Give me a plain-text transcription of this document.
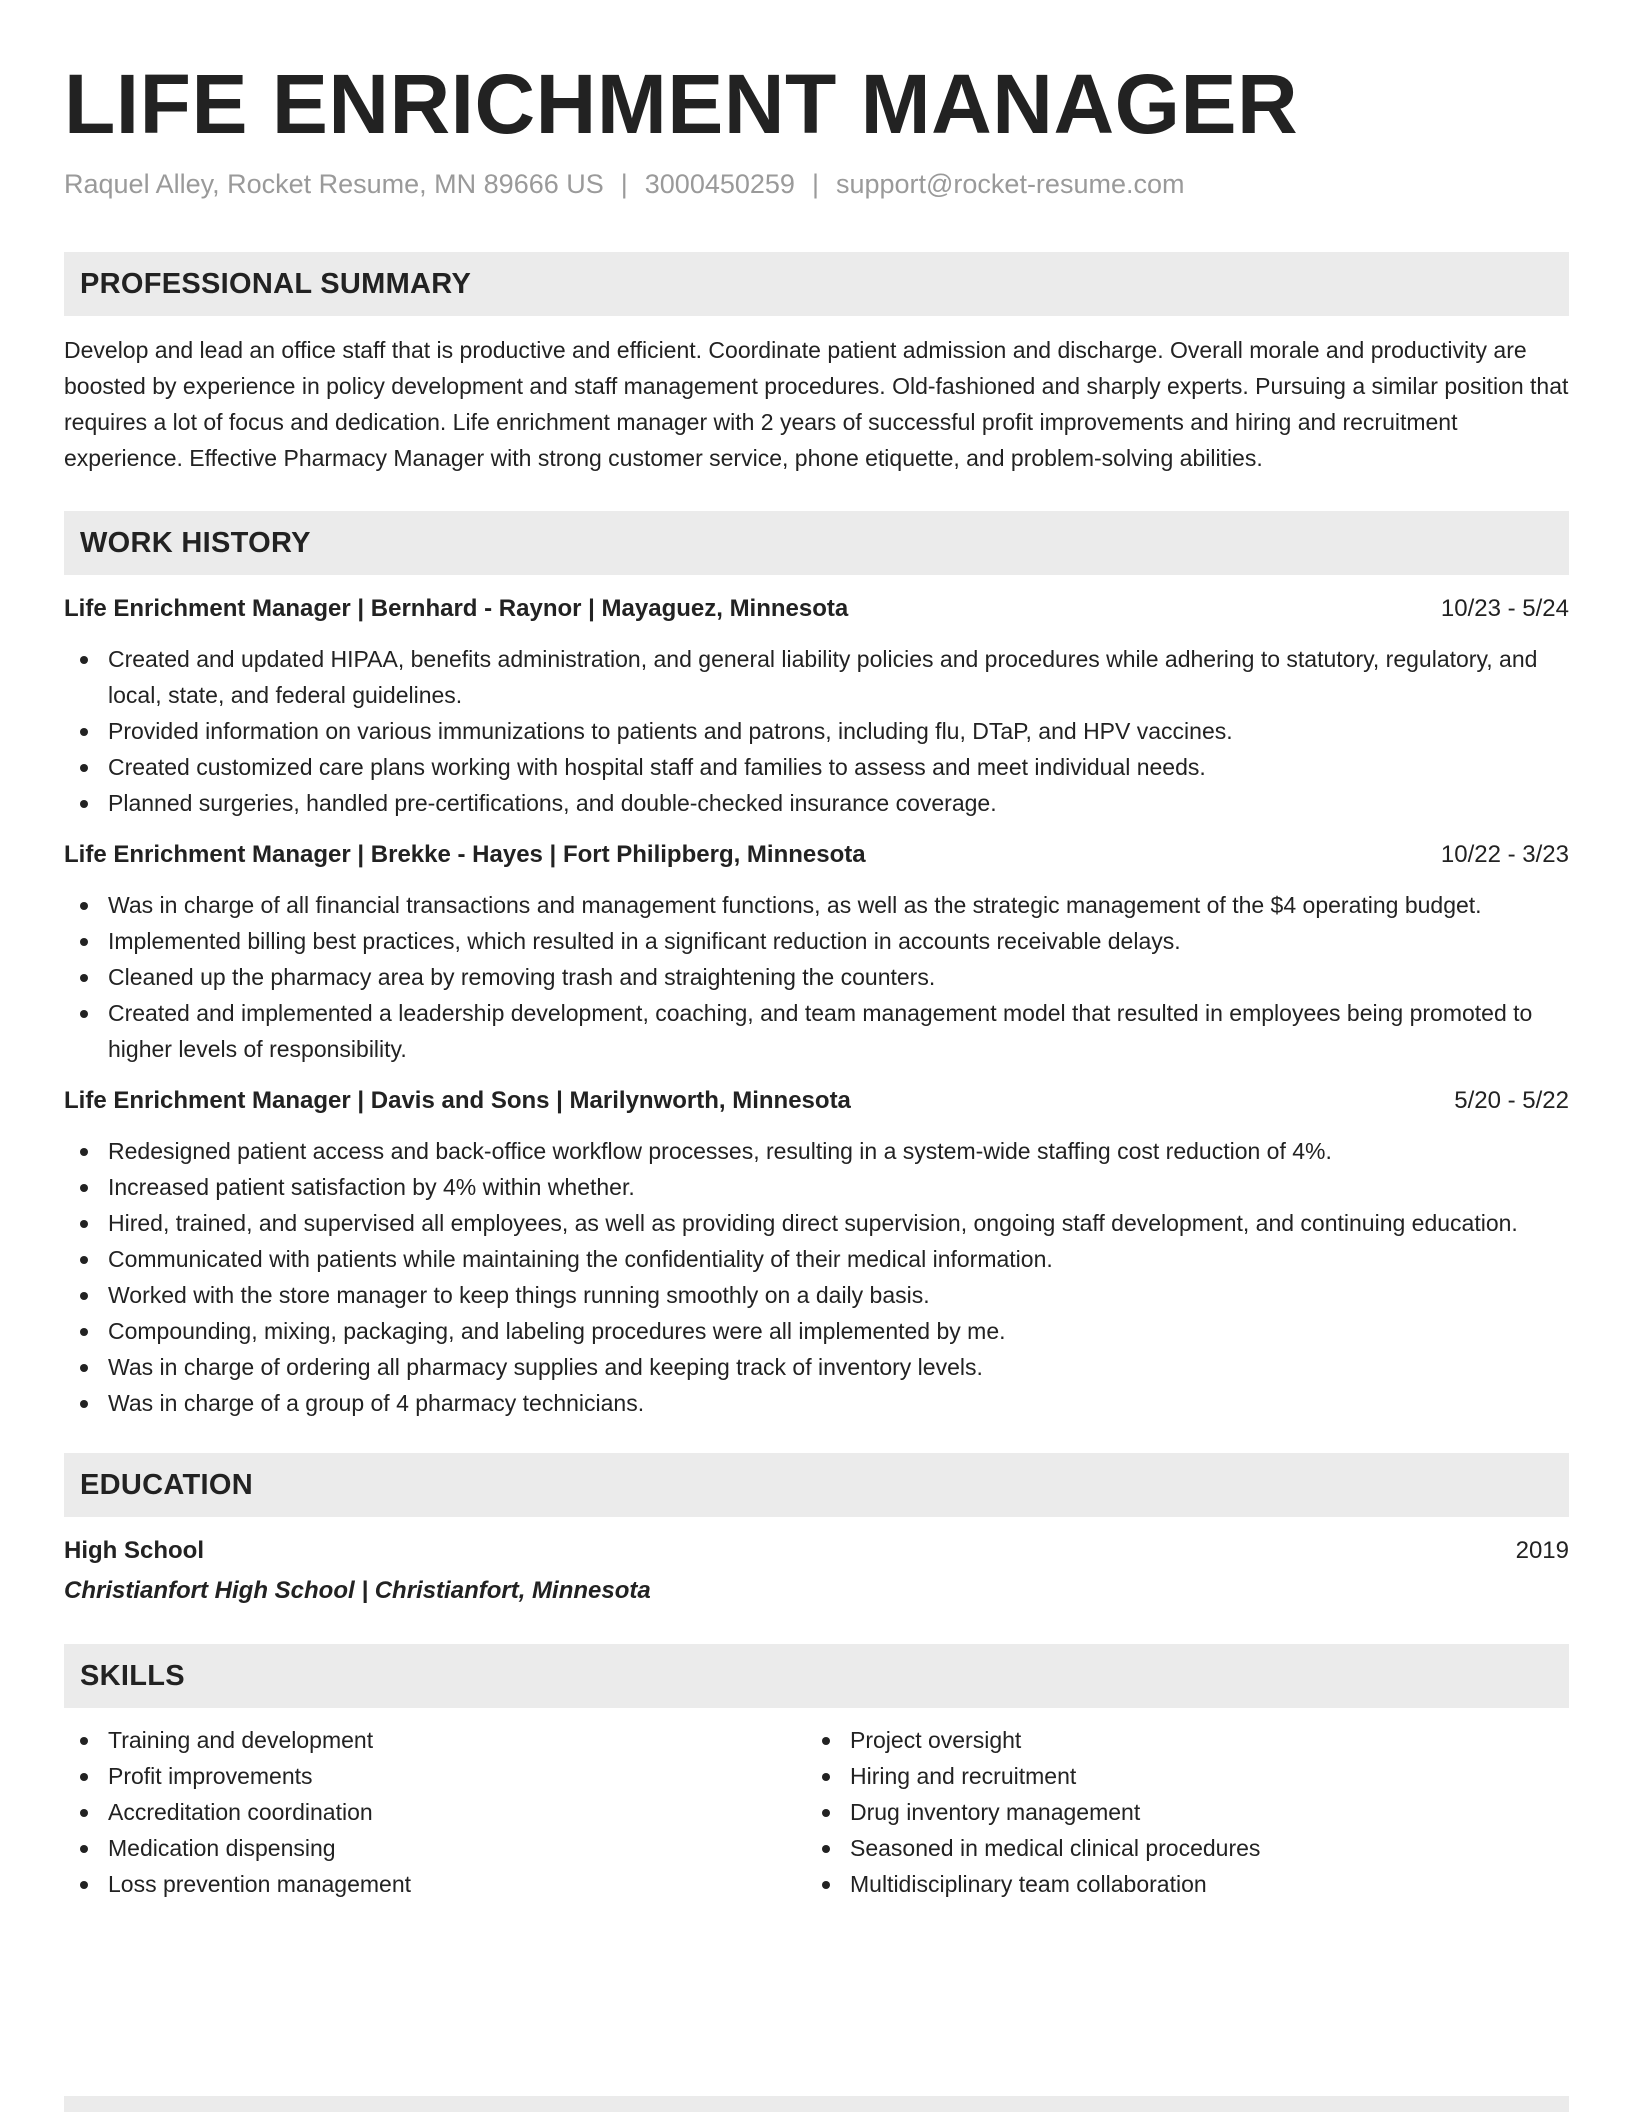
LIFE ENRICHMENT MANAGER
Raquel Alley, Rocket Resume, MN 89666 US | 3000450259 | support@rocket-resume.com
PROFESSIONAL SUMMARY

Develop and lead an office staff that is productive and efficient. Coordinate patient admission and discharge. Overall morale and productivity are boosted by experience in policy development and staff management procedures. Old-fashioned and sharply experts. Pursuing a similar position that requires a lot of focus and dedication. Life enrichment manager with 2 years of successful profit improvements and hiring and recruitment experience. Effective Pharmacy Manager with strong customer service, phone etiquette, and problem-solving abilities.

WORK HISTORY
Life Enrichment Manager | Bernhard - Raynor | Mayaguez, Minnesota	10/23 - 5/24
Created and updated HIPAA, benefits administration, and general liability policies and procedures while adhering to statutory, regulatory, and local, state, and federal guidelines.
Provided information on various immunizations to patients and patrons, including flu, DTaP, and HPV vaccines.
Created customized care plans working with hospital staff and families to assess and meet individual needs.
Planned surgeries, handled pre-certifications, and double-checked insurance coverage.
Life Enrichment Manager | Brekke - Hayes | Fort Philipberg, Minnesota	10/22 - 3/23
Was in charge of all financial transactions and management functions, as well as the strategic management of the $4 operating budget.
Implemented billing best practices, which resulted in a significant reduction in accounts receivable delays.
Cleaned up the pharmacy area by removing trash and straightening the counters.
Created and implemented a leadership development, coaching, and team management model that resulted in employees being promoted to higher levels of responsibility.
Life Enrichment Manager | Davis and Sons | Marilynworth, Minnesota	5/20 - 5/22
Redesigned patient access and back-office workflow processes, resulting in a system-wide staffing cost reduction of 4%.
Increased patient satisfaction by 4% within whether.
Hired, trained, and supervised all employees, as well as providing direct supervision, ongoing staff development, and continuing education.
Communicated with patients while maintaining the confidentiality of their medical information.
Worked with the store manager to keep things running smoothly on a daily basis.
Compounding, mixing, packaging, and labeling procedures were all implemented by me.
Was in charge of ordering all pharmacy supplies and keeping track of inventory levels.
Was in charge of a group of 4 pharmacy technicians.
EDUCATION
High School	2019
Christianfort High School | Christianfort, Minnesota
SKILLS
Training and development
Profit improvements
Accreditation coordination
Medication dispensing
Loss prevention management
Project oversight
Hiring and recruitment
Drug inventory management
Seasoned in medical clinical procedures
Multidisciplinary team collaboration
